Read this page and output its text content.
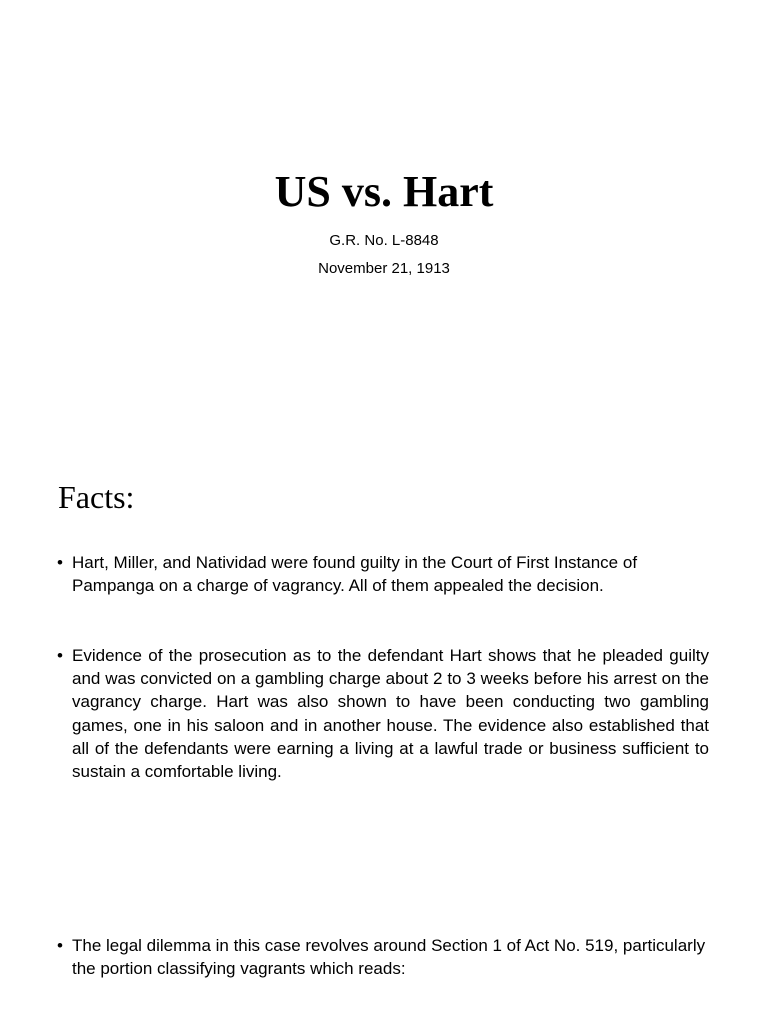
US vs. Hart
G.R. No. L-8848
November 21, 1913
Facts:
• Hart, Miller, and Natividad were found guilty in the Court of First Instance of Pampanga on a charge of vagrancy. All of them appealed the decision.
• Evidence of the prosecution as to the defendant Hart shows that he pleaded guilty and was convicted on a gambling charge about 2 to 3 weeks before his arrest on the vagrancy charge. Hart was also shown to have been conducting two gambling games, one in his saloon and in another house. The evidence also established that all of the defendants were earning a living at a lawful trade or business sufficient to sustain a comfortable living.
• The legal dilemma in this case revolves around Section 1 of Act No. 519, particularly the portion classifying vagrants which reads:
